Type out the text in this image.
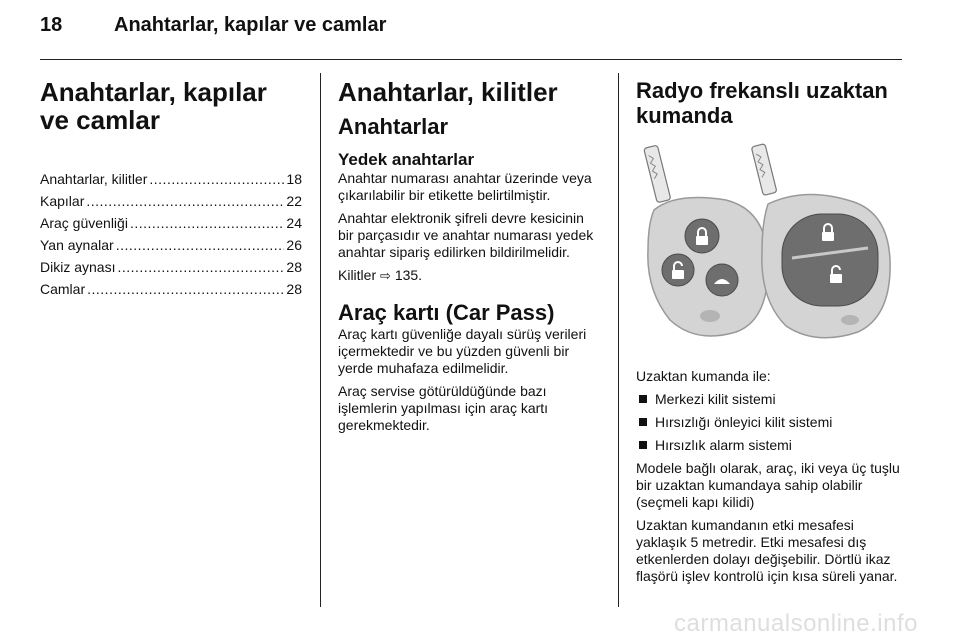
18	Anahtarlar, kapılar ve camlar
Anahtarlar, kapılar ve camlar
Anahtarlar, kilitler .....	18
Kapılar .....	22
Araç güvenliği .....	24
Yan aynalar .....	26
Dikiz aynası .....	28
Camlar .....	28
Anahtarlar, kilitler
Anahtarlar
Yedek anahtarlar

Anahtar numarası anahtar üzerinde veya çıkarılabilir bir etikette belirtilmiştir.

Anahtar elektronik şifreli devre kesicinin bir parçasıdır ve anahtar numarası yedek anahtar sipariş edilirken bildirilmelidir.

Kilitler ⇨ 135.

Araç kartı (Car Pass)

Araç kartı güvenliğe dayalı sürüş verileri içermektedir ve bu yüzden güvenli bir yerde muhafaza edilmelidir.

Araç servise götürüldüğünde bazı işlemlerin yapılması için araç kartı gerekmektedir.

Radyo frekanslı uzaktan kumanda

Uzaktan kumanda ile:

Merkezi kilit sistemi
Hırsızlığı önleyici kilit sistemi
Hırsızlık alarm sistemi

Modele bağlı olarak, araç, iki veya üç tuşlu bir uzaktan kumandaya sahip olabilir (seçmeli kapı kilidi)

Uzaktan kumandanın etki mesafesi yaklaşık 5 metredir. Etki mesafesi dış etkenlerden dolayı değişebilir. Dörtlü ikaz flaşörü işlev kontrolü için kısa süreli yanar.

carmanualsonline.info
